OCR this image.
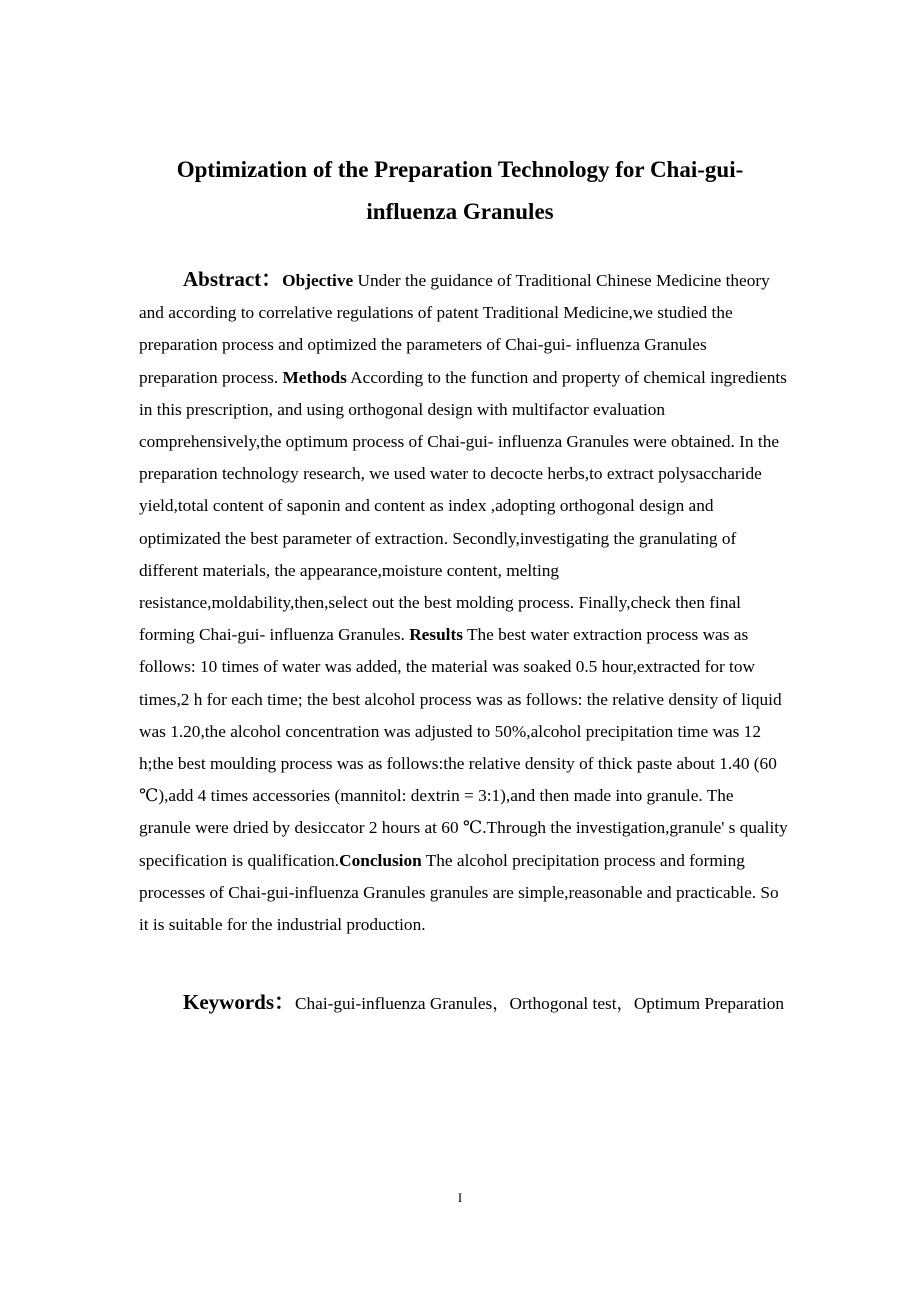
Optimization of the Preparation Technology for Chai-gui-
influenza Granules
Abstract：Objective Under the guidance of Traditional Chinese Medicine theory and according to correlative regulations of patent Traditional Medicine,we studied the preparation process and optimized the parameters of Chai-gui- influenza Granules preparation process. Methods According to the function and property of chemical ingredients in this prescription, and using orthogonal design with multifactor evaluation comprehensively,the optimum process of Chai-gui- influenza Granules were obtained. In the preparation technology research, we used water to decocte herbs,to extract polysaccharide yield,total content of saponin and content as index ,adopting orthogonal design and optimizated the best parameter of extraction. Secondly,investigating the granulating of different materials, the appearance,moisture content, melting resistance,moldability,then,select out the best molding process. Finally,check then final forming Chai-gui- influenza Granules. Results The best water extraction process was as follows: 10 times of water was added, the material was soaked 0.5 hour,extracted for tow times,2 h for each time; the best alcohol process was as follows: the relative density of liquid was 1.20,the alcohol concentration was adjusted to 50%,alcohol precipitation time was 12 h;the best moulding process was as follows:the relative density of thick paste about 1.40 (60 ℃),add 4 times accessories (mannitol: dextrin = 3:1),and then made into granule. The granule were dried by desiccator 2 hours at 60 ℃.Through the investigation,granule' s quality specification is qualification.Conclusion The alcohol precipitation process and forming processes of Chai-gui-influenza Granules granules are simple,reasonable and practicable. So it is suitable for the industrial production.
Keywords：Chai-gui-influenza Granules，Orthogonal test，Optimum Preparation
I
